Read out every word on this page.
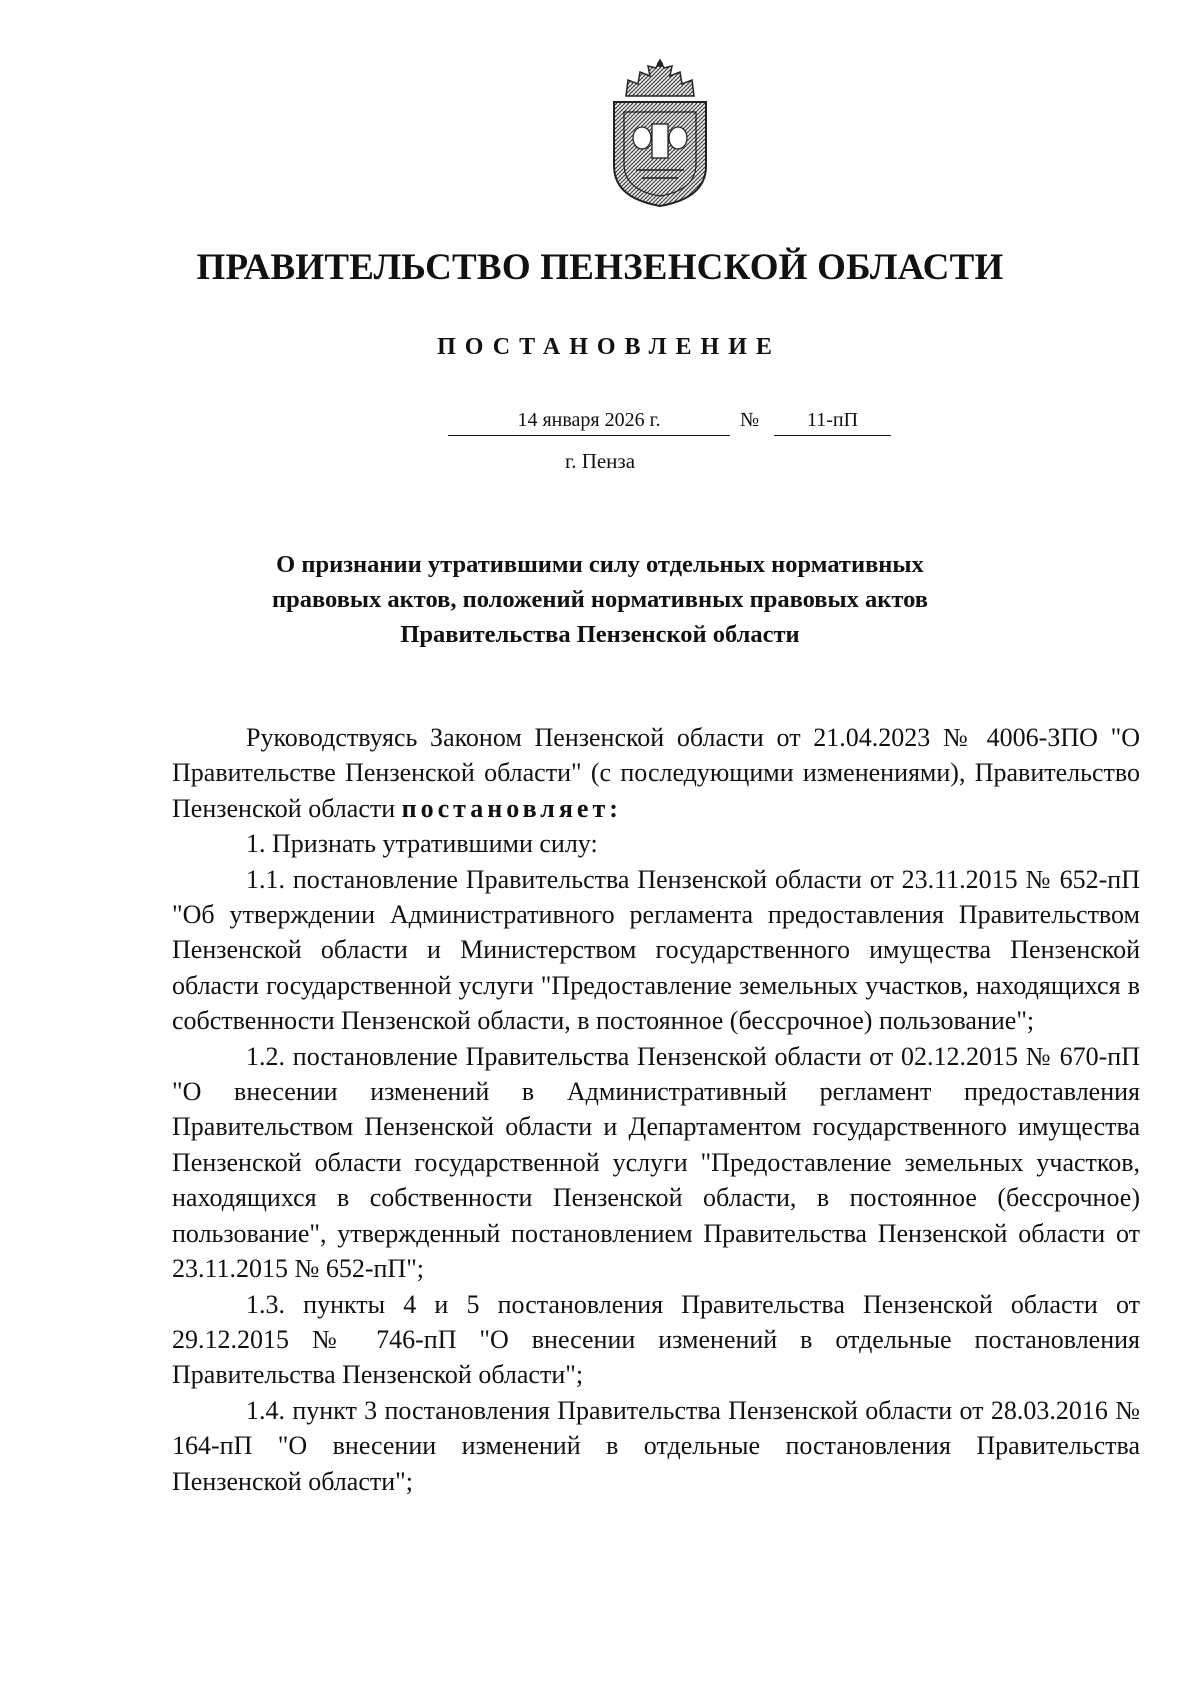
ПРАВИТЕЛЬСТВО ПЕНЗЕНСКОЙ ОБЛАСТИ
ПОСТАНОВЛЕНИЕ
14 января 2026 г.	№	11-пП
г. Пенза
О признании утратившими силу отдельных нормативных
правовых актов, положений нормативных правовых актов
Правительства Пензенской области

Руководствуясь Законом Пензенской области от 21.04.2023 № 4006-ЗПО "О Правительстве Пензенской области" (с последующими изменениями), Правительство Пензенской области постановляет:

1. Признать утратившими силу:

1.1. постановление Правительства Пензенской области от 23.11.2015 № 652-пП "Об утверждении Административного регламента предоставления Правительством Пензенской области и Министерством государственного имущества Пензенской области государственной услуги "Предоставление земельных участков, находящихся в собственности Пензенской области, в постоянное (бессрочное) пользование";

1.2. постановление Правительства Пензенской области от 02.12.2015 № 670-пП "О внесении изменений в Административный регламент предоставления Правительством Пензенской области и Департаментом государственного имущества Пензенской области государственной услуги "Предоставление земельных участков, находящихся в собственности Пензенской области, в постоянное (бессрочное) пользование", утвержденный постановлением Правительства Пензенской области от 23.11.2015 № 652-пП";

1.3. пункты 4 и 5 постановления Правительства Пензенской области от 29.12.2015 № 746-пП "О внесении изменений в отдельные постановления Правительства Пензенской области";

1.4. пункт 3 постановления Правительства Пензенской области от 28.03.2016 № 164-пП "О внесении изменений в отдельные постановления Правительства Пензенской области";
